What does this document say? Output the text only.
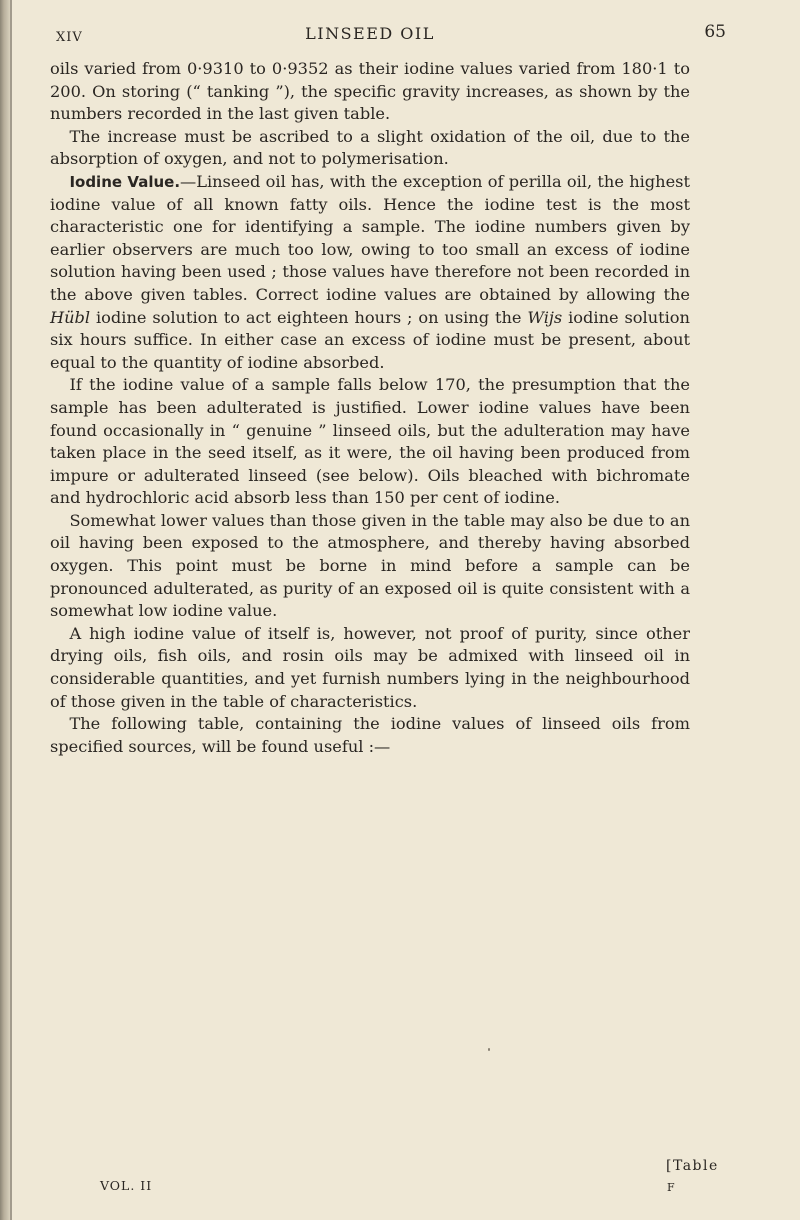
XIV	LINSEED OIL	65

oils varied from 0·9310 to 0·9352 as their iodine values varied from 180·1 to 200. On storing (“ tanking ”), the specific gravity increases, as shown by the numbers recorded in the last given table.

The increase must be ascribed to a slight oxidation of the oil, due to the absorption of oxygen, and not to polymerisation.

Iodine Value.—Linseed oil has, with the exception of perilla oil, the highest iodine value of all known fatty oils. Hence the iodine test is the most characteristic one for identifying a sample. The iodine numbers given by earlier observers are much too low, owing to too small an excess of iodine solution having been used ; those values have therefore not been recorded in the above given tables. Correct iodine values are obtained by allowing the Hübl iodine solution to act eighteen hours ; on using the Wijs iodine solution six hours suffice. In either case an excess of iodine must be present, about equal to the quantity of iodine absorbed.

If the iodine value of a sample falls below 170, the presumption that the sample has been adulterated is justified. Lower iodine values have been found occasionally in “ genuine ” linseed oils, but the adulteration may have taken place in the seed itself, as it were, the oil having been produced from impure or adulterated linseed (see below). Oils bleached with bichromate and hydrochloric acid absorb less than 150 per cent of iodine.

Somewhat lower values than those given in the table may also be due to an oil having been exposed to the atmosphere, and thereby having absorbed oxygen. This point must be borne in mind before a sample can be pronounced adulterated, as purity of an exposed oil is quite consistent with a somewhat low iodine value.

A high iodine value of itself is, however, not proof of purity, since other drying oils, fish oils, and rosin oils may be admixed with linseed oil in considerable quantities, and yet furnish numbers lying in the neighbourhood of those given in the table of characteristics.

The following table, containing the iodine values of linseed oils from specified sources, will be found useful :—

VOL. II
[Table
F
